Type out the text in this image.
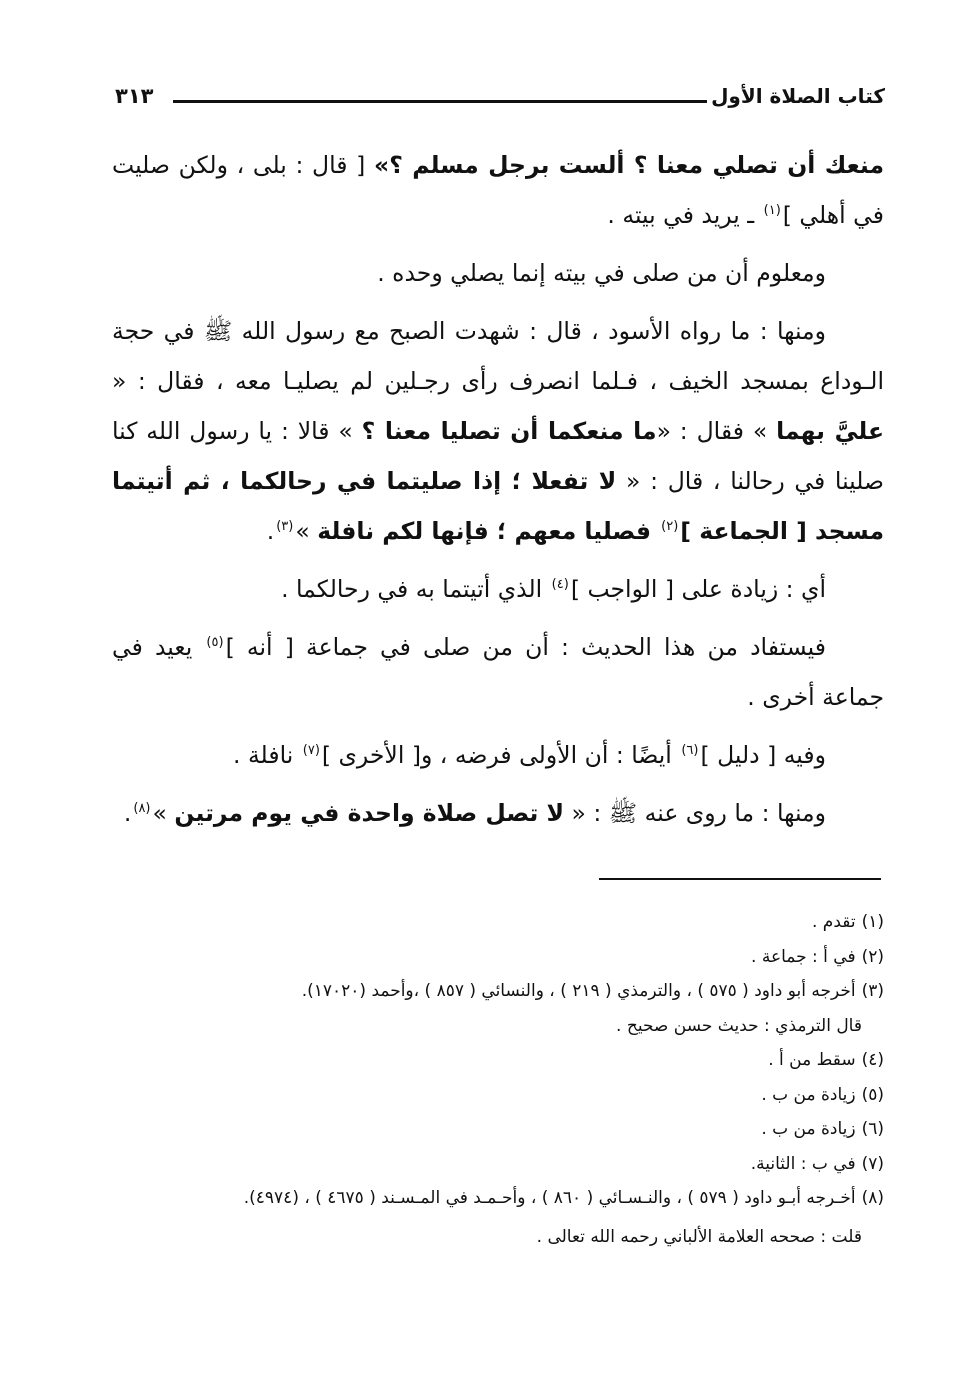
كتاب الصلاة الأول
٣١٣

منعك أن تصلي معنا ؟ ألست برجل مسلم ؟» [ قال : بلى ، ولكن صليت في أهلي ]$^{(١)}$ ـ يريد في بيته .

ومعلوم أن من صلى في بيته إنما يصلي وحده .

ومنها : ما رواه الأسود ، قال : شهدت الصبح مع رسول الله ﷺ في حجة الـوداع بمسجد الخيف ، فـلما انصرف رأى رجـلين لم يصليـا معه ، فقال : « عليَّ بهما » فقال : «ما منعكما أن تصليا معنا ؟ » قالا : يا رسول الله كنا صلينا في رحالنا ، قال : « لا تفعلا ؛ إذا صليتما في رحالكما ، ثم أتيتما مسجد [ الجماعة ]$^{(٢)}$ فصليا معهم ؛ فإنها لكم نافلة »$^{(٣)}$.

أي : زيادة على [ الواجب ]$^{(٤)}$ الذي أتيتما به في رحالكما .

فيستفاد من هذا الحديث : أن من صلى في جماعة [ أنه ]$^{(٥)}$ يعيد في جماعة أخرى .

وفيه [ دليل ]$^{(٦)}$ أيضًا : أن الأولى فرضه ، و[ الأخرى ]$^{(٧)}$ نافلة .

ومنها : ما روى عنه ﷺ : « لا تصل صلاة واحدة في يوم مرتين »$^{(٨)}$.

(١)تقدم .

(٢)في أ : جماعة .

(٣)أخرجه أبو داود ( ٥٧٥ ) ، والترمذي ( ٢١٩ ) ، والنسائي ( ٨٥٧ ) ،وأحمد (١٧٠٢٠).

قال الترمذي : حديث حسن صحيح .

(٤)سقط من أ .

(٥)زيادة من ب .

(٦)زيادة من ب .

(٧)في ب : الثانية.

(٨)أخـرجه أبـو داود ( ٥٧٩ ) ، والنـسـائي ( ٨٦٠ ) ، وأحـمـد في المـسـند ( ٤٦٧٥ ) ، (٤٩٧٤).

قلت : صححه العلامة الألباني رحمه الله تعالى .
